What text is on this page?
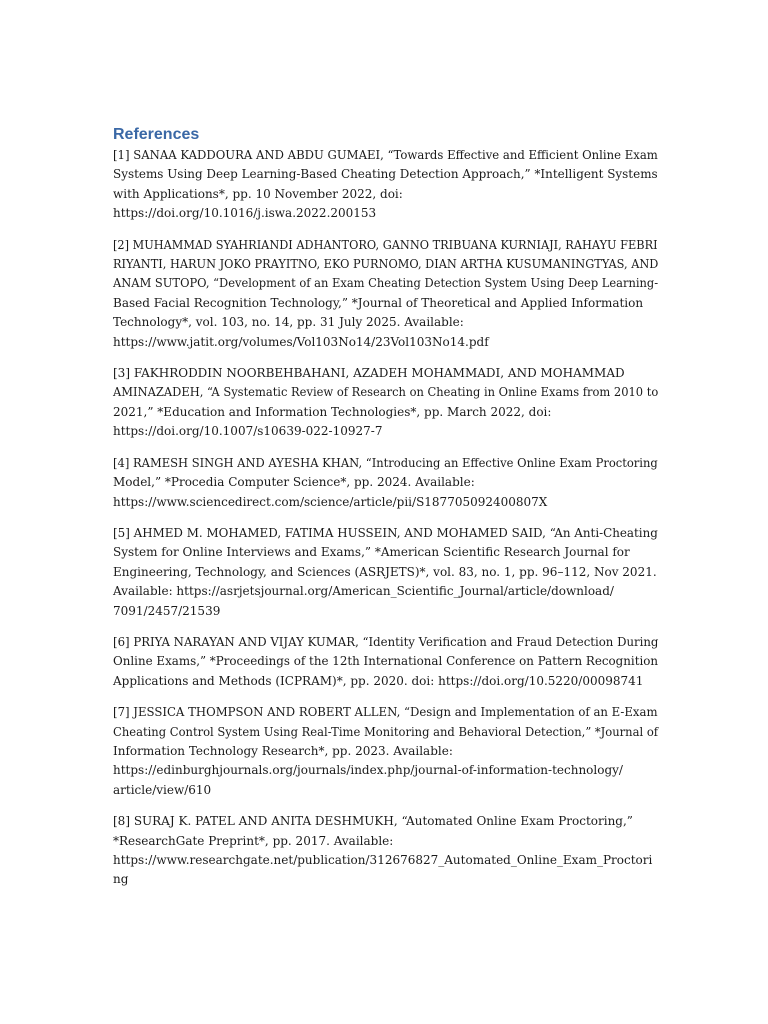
References
[1] SANAA KADDOURA AND ABDU GUMAEI, “Towards Effective and Efficient Online Exam
Systems Using Deep Learning-Based Cheating Detection Approach,” *Intelligent Systems
with Applications*, pp. 10 November 2022, doi:
https://doi.org/10.1016/j.iswa.2022.200153
[2] MUHAMMAD SYAHRIANDI ADHANTORO, GANNO TRIBUANA KURNIAJI, RAHAYU FEBRI
RIYANTI, HARUN JOKO PRAYITNO, EKO PURNOMO, DIAN ARTHA KUSUMANINGTYAS, AND
ANAM SUTOPO, “Development of an Exam Cheating Detection System Using Deep Learning-
Based Facial Recognition Technology,” *Journal of Theoretical and Applied Information
Technology*, vol. 103, no. 14, pp. 31 July 2025. Available:
https://www.jatit.org/volumes/Vol103No14/23Vol103No14.pdf
[3] FAKHRODDIN NOORBEHBAHANI, AZADEH MOHAMMADI, AND MOHAMMAD
AMINAZADEH, “A Systematic Review of Research on Cheating in Online Exams from 2010 to
2021,” *Education and Information Technologies*, pp. March 2022, doi:
https://doi.org/10.1007/s10639-022-10927-7
[4] RAMESH SINGH AND AYESHA KHAN, “Introducing an Effective Online Exam Proctoring
Model,” *Procedia Computer Science*, pp. 2024. Available:
https://www.sciencedirect.com/science/article/pii/S187705092400807X
[5] AHMED M. MOHAMED, FATIMA HUSSEIN, AND MOHAMED SAID, “An Anti-Cheating
System for Online Interviews and Exams,” *American Scientific Research Journal for
Engineering, Technology, and Sciences (ASRJETS)*, vol. 83, no. 1, pp. 96–112, Nov 2021.
Available: https://asrjetsjournal.org/American_Scientific_Journal/article/download/
7091/2457/21539
[6] PRIYA NARAYAN AND VIJAY KUMAR, “Identity Verification and Fraud Detection During
Online Exams,” *Proceedings of the 12th International Conference on Pattern Recognition
Applications and Methods (ICPRAM)*, pp. 2020. doi: https://doi.org/10.5220/00098741
[7] JESSICA THOMPSON AND ROBERT ALLEN, “Design and Implementation of an E-Exam
Cheating Control System Using Real-Time Monitoring and Behavioral Detection,” *Journal of
Information Technology Research*, pp. 2023. Available:
https://edinburghjournals.org/journals/index.php/journal-of-information-technology/
article/view/610
[8] SURAJ K. PATEL AND ANITA DESHMUKH, “Automated Online Exam Proctoring,”
*ResearchGate Preprint*, pp. 2017. Available:
https://www.researchgate.net/publication/312676827_Automated_Online_Exam_Proctori
ng
